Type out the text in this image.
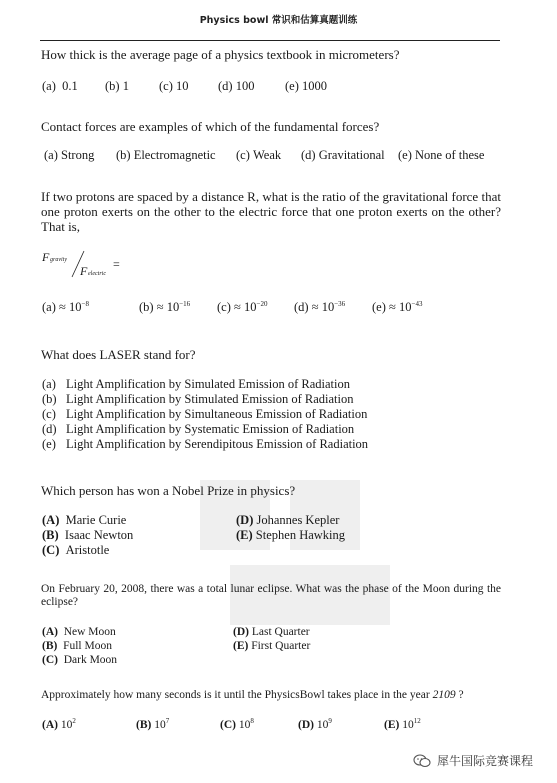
Physics bowl 常识和估算真题训练
How thick is the average page of a physics textbook in micrometers?
(a) 0.1 (b) 1 (c) 10 (d) 100 (e) 1000
Contact forces are examples of which of the fundamental forces?
(a) Strong (b) Electromagnetic (c) Weak (d) Gravitational (e) None of these
If two protons are spaced by a distance R, what is the ratio of the gravitational force that one proton exerts on the other to the electric force that one proton exerts on the other? That is,
F gravity
F electric
=
$(a) \approx 10^{-8}$	$(b) \approx 10^{-16}$ $(c) \approx 10^{-20}$ $(d) \approx 10^{-36}$ $(e) \approx 10^{-43}$
What does LASER stand for?
(a) Light Amplification by Simulated Emission of Radiation
(b) Light Amplification by Stimulated Emission of Radiation
(c) Light Amplification by Simultaneous Emission of Radiation
(d) Light Amplification by Systematic Emission of Radiation
(e) Light Amplification by Serendipitous Emission of Radiation
Which person has won a Nobel Prize in physics?
(A) Marie Curie
(B) Isaac Newton
(C) Aristotle
(D) Johannes Kepler
(E) Stephen Hawking
On February 20, 2008, there was a total lunar eclipse. What was the phase of the Moon during the eclipse?
(A) New Moon
(B) Full Moon
(C) Dark Moon
(D) Last Quarter
(E) First Quarter
Approximately how many seconds is it until the PhysicsBowl takes place in the year 2109 ?
(A) $10^2$	(B) $10^7$	(C) $10^8$	(D) $10^9$	(E) $10^{12}$
犀牛国际竞赛课程
